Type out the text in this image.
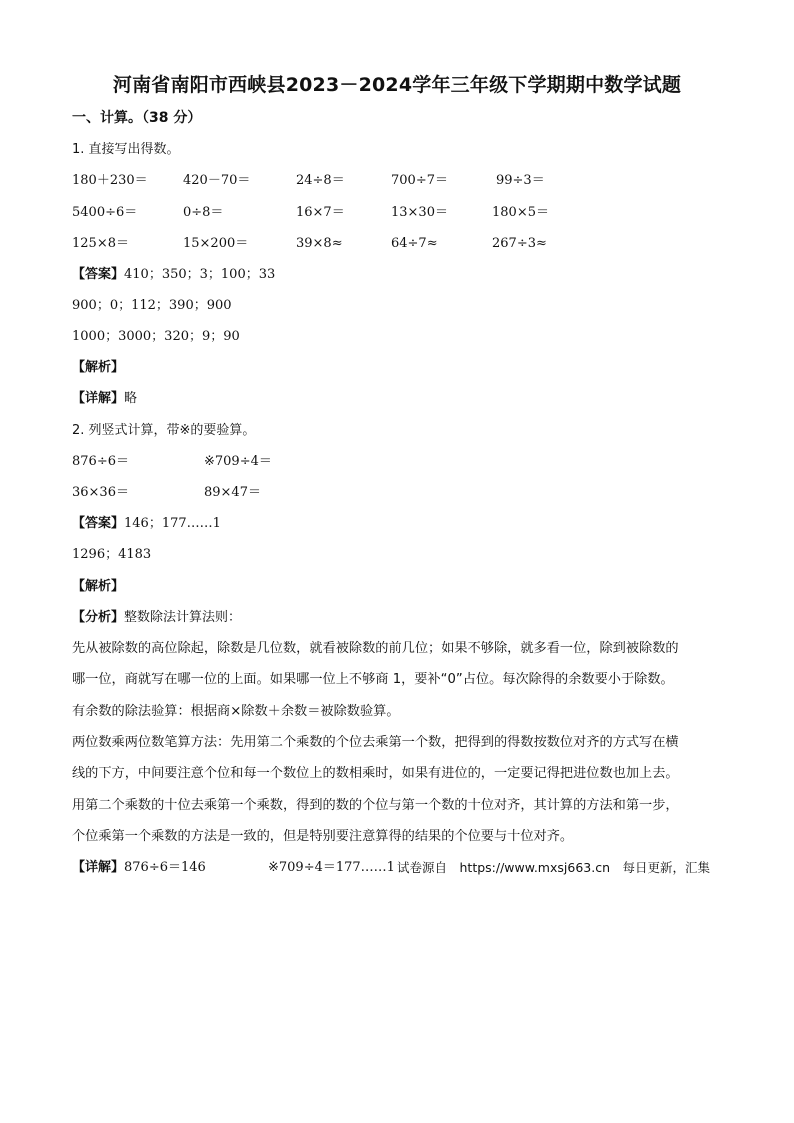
河南省南阳市西峡县2023－2024学年三年级下学期期中数学试题
一、计算。（38 分）
1. 直接写出得数。
180＋230＝	420－70＝	24÷8＝	700÷7＝	99÷3＝
5400÷6＝	0÷8＝	16×7＝	13×30＝	180×5＝
125×8＝	15×200＝	39×8≈	64÷7≈	267÷3≈
【答案】410；350；3；100；33
900；0；112；390；900
1000；3000；320；9；90
【解析】
【详解】略
2. 列竖式计算，带※的要验算。
876÷6＝	※709÷4＝
36×36＝	89×47＝
【答案】146；177……1
1296；4183
【解析】
【分析】整数除法计算法则：
先从被除数的高位除起，除数是几位数，就看被除数的前几位；如果不够除，就多看一位，除到被除数的
哪一位，商就写在哪一位的上面。如果哪一位上不够商 1，要补“0”占位。每次除得的余数要小于除数。
有余数的除法验算：根据商×除数＋余数＝被除数验算。
两位数乘两位数笔算方法：先用第二个乘数的个位去乘第一个数，把得到的得数按数位对齐的方式写在横
线的下方，中间要注意个位和每一个数位上的数相乘时，如果有进位的，一定要记得把进位数也加上去。
用第二个乘数的十位去乘第一个乘数，得到的数的个位与第一个数的十位对齐，其计算的方法和第一步，
个位乘第一个乘数的方法是一致的，但是特别要注意算得的结果的个位要与十位对齐。
【详解】876÷6＝146	※709÷4＝177……1 试卷源自　https://www.mxsj663.cn　每日更新，汇集
